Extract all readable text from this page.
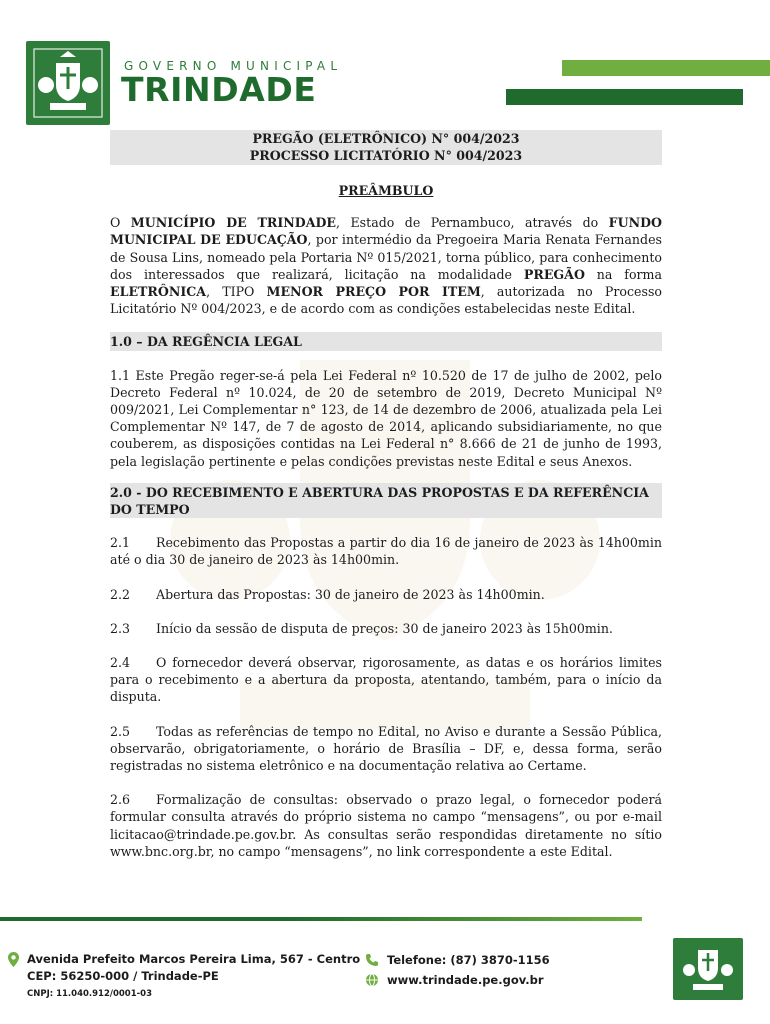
GOVERNO MUNICIPAL
TRINDADE
PREGÃO (ELETRÔNICO) N° 004/2023
PROCESSO LICITATÓRIO N° 004/2023
PREÂMBULO

O MUNICÍPIO DE TRINDADE, Estado de Pernambuco, através do FUNDO MUNICIPAL DE EDUCAÇÃO, por intermédio da Pregoeira Maria Renata Fernandes de Sousa Lins, nomeado pela Portaria Nº 015/2021, torna público, para conhecimento dos interessados que realizará, licitação na modalidade PREGÃO na forma ELETRÔNICA, TIPO MENOR PREÇO POR ITEM, autorizada no Processo Licitatório Nº 004/2023, e de acordo com as condições estabelecidas neste Edital.

1.0 – DA REGÊNCIA LEGAL

1.1 Este Pregão reger-se-á pela Lei Federal nº 10.520 de 17 de julho de 2002, pelo Decreto Federal nº 10.024, de 20 de setembro de 2019, Decreto Municipal Nº 009/2021, Lei Complementar n° 123, de 14 de dezembro de 2006, atualizada pela Lei Complementar Nº 147, de 7 de agosto de 2014, aplicando subsidiariamente, no que couberem, as disposições contidas na Lei Federal n° 8.666 de 21 de junho de 1993, pela legislação pertinente e pelas condições previstas neste Edital e seus Anexos.

2.0 - DO RECEBIMENTO E ABERTURA DAS PROPOSTAS E DA REFERÊNCIA DO TEMPO

2.1 Recebimento das Propostas a partir do dia 16 de janeiro de 2023 às 14h00min até o dia 30 de janeiro de 2023 às 14h00min.

2.2	Abertura das Propostas: 30 de janeiro de 2023 às 14h00min.

2.3	Início da sessão de disputa de preços: 30 de janeiro 2023 às 15h00min.

2.4 O fornecedor deverá observar, rigorosamente, as datas e os horários limites para o recebimento e a abertura da proposta, atentando, também, para o início da disputa.

2.5 Todas as referências de tempo no Edital, no Aviso e durante a Sessão Pública, observarão, obrigatoriamente, o horário de Brasília – DF, e, dessa forma, serão registradas no sistema eletrônico e na documentação relativa ao Certame.

2.6 Formalização de consultas: observado o prazo legal, o fornecedor poderá formular consulta através do próprio sistema no campo “mensagens”, ou por e-mail licitacao@trindade.pe.gov.br. As consultas serão respondidas diretamente no sítio www.bnc.org.br, no campo “mensagens”, no link correspondente a este Edital.

Avenida Prefeito Marcos Pereira Lima, 567 - Centro
CEP: 56250-000 / Trindade-PE
CNPJ: 11.040.912/0001-03
Telefone: (87) 3870-1156
www.trindade.pe.gov.br
